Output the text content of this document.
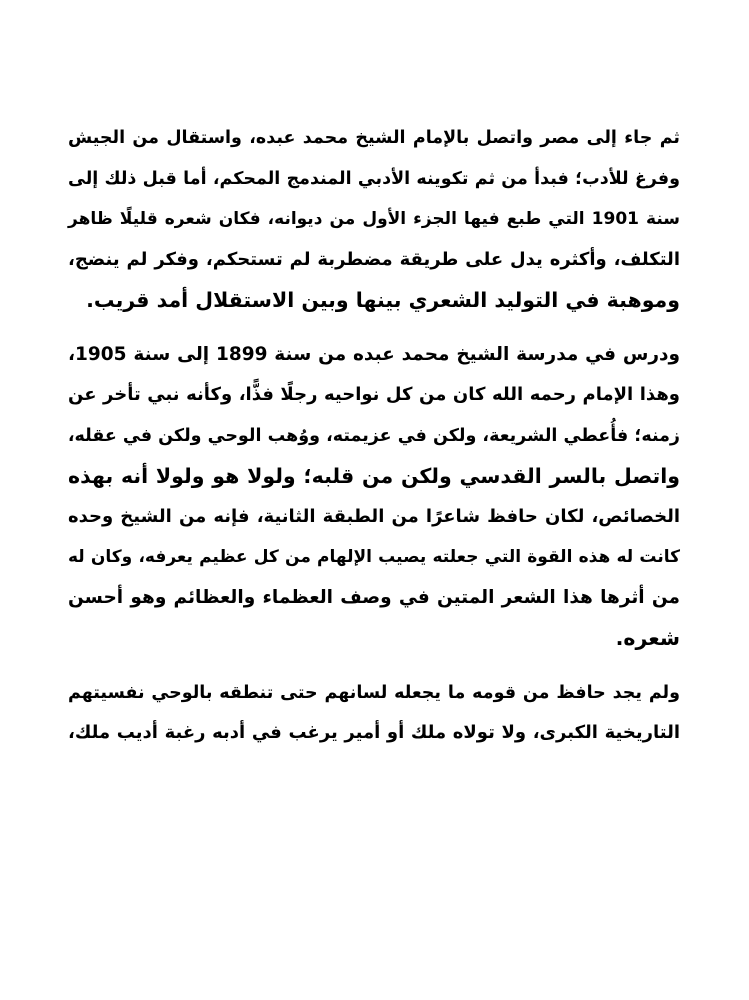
ثم جاء إلى مصر واتصل بالإمام الشيخ محمد عبده، واستقال من الجيش
وفرغ للأدب؛ فبدأ من ثم تكوينه الأدبي المندمج المحكم، أما قبل ذلك إلى
سنة 1901 التي طبع فيها الجزء الأول من ديوانه، فكان شعره قليلًا ظاهر
التكلف، وأكثره يدل على طريقة مضطربة لم تستحكم، وفكر لم ينضج،
وموهبة في التوليد الشعري بينها وبين الاستقلال أمد قريب.
ودرس في مدرسة الشيخ محمد عبده من سنة 1899 إلى سنة 1905،
وهذا الإمام رحمه الله كان من كل نواحيه رجلًا فذًّا، وكأنه نبي تأخر عن
زمنه؛ فأُعطي الشريعة، ولكن في عزيمته، ووُهب الوحي ولكن في عقله،
واتصل بالسر القدسي ولكن من قلبه؛ ولولا هو ولولا أنه بهذه
الخصائص، لكان حافظ شاعرًا من الطبقة الثانية، فإنه من الشيخ وحده
كانت له هذه القوة التي جعلته يصيب الإلهام من كل عظيم يعرفه، وكان له
من أثرها هذا الشعر المتين في وصف العظماء والعظائم وهو أحسن
شعره.
ولم يجد حافظ من قومه ما يجعله لسانهم حتى تنطقه بالوحي نفسيتهم
التاريخية الكبرى، ولا تولاه ملك أو أمير يرغب في أدبه رغبة أديب ملك،
